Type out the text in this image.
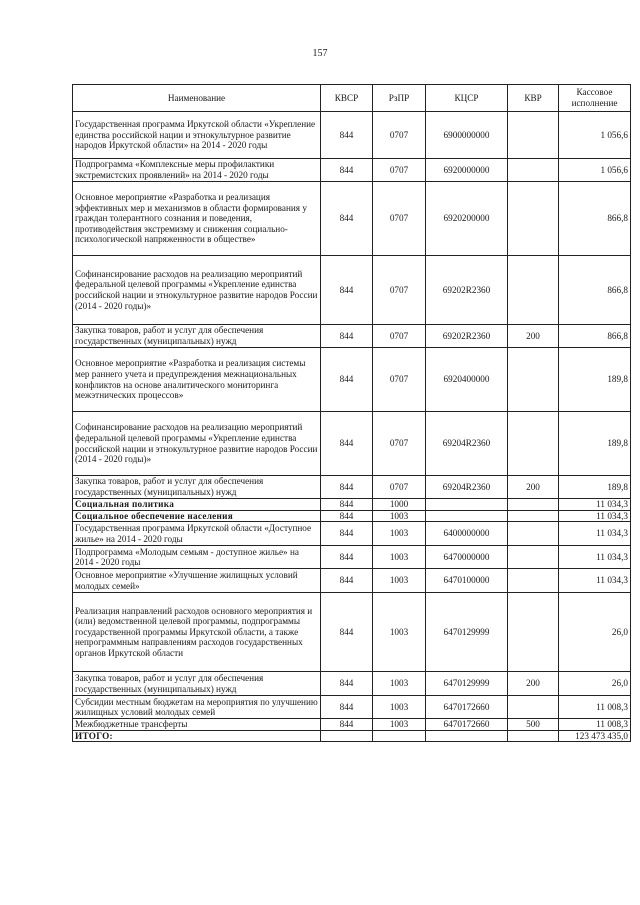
157
Наименование	КВСР	РзПР	КЦСР	КВР	Кассовое исполнение
Государственная программа Иркутской области «Укрепление единства российской нации и этнокультурное развитие народов Иркутской области» на 2014 - 2020 годы	844	0707	6900000000		1 056,6
Подпрограмма «Комплексные меры профилактики экстремистских проявлений» на 2014 - 2020 годы	844	0707	6920000000		1 056,6
Основное мероприятие «Разработка и реализация эффективных мер и механизмов в области формирования у граждан толерантного сознания и поведения, противодействия экстремизму и снижения социально-психологической напряженности в обществе»	844	0707	6920200000		866,8
Софинансирование расходов на реализацию мероприятий федеральной целевой программы «Укрепление единства российской нации и этнокультурное развитие народов России (2014 - 2020 годы)»	844	0707	69202R2360		866,8
Закупка товаров, работ и услуг для обеспечения государственных (муниципальных) нужд	844	0707	69202R2360	200	866,8
Основное мероприятие «Разработка и реализация системы мер раннего учета и предупреждения межнациональных конфликтов на основе аналитического мониторинга межэтнических процессов»	844	0707	6920400000		189,8
Софинансирование расходов на реализацию мероприятий федеральной целевой программы «Укрепление единства российской нации и этнокультурное развитие народов России (2014 - 2020 годы)»	844	0707	69204R2360		189,8
Закупка товаров, работ и услуг для обеспечения государственных (муниципальных) нужд	844	0707	69204R2360	200	189,8
Социальная политика	844	1000			11 034,3
Социальное обеспечение населения	844	1003			11 034,3
Государственная программа Иркутской области «Доступное жилье» на 2014 - 2020 годы	844	1003	6400000000		11 034,3
Подпрограмма «Молодым семьям - доступное жилье» на 2014 - 2020 годы	844	1003	6470000000		11 034,3
Основное мероприятие «Улучшение жилищных условий молодых семей»	844	1003	6470100000		11 034,3
Реализация направлений расходов основного мероприятия и (или) ведомственной целевой программы, подпрограммы государственной программы Иркутской области, а также непрограммным направлениям расходов государственных органов Иркутской области	844	1003	6470129999		26,0
Закупка товаров, работ и услуг для обеспечения государственных (муниципальных) нужд	844	1003	6470129999	200	26,0
Субсидии местным бюджетам на мероприятия по улучшению жилищных условий молодых семей	844	1003	6470172660		11 008,3
Межбюджетные трансферты	844	1003	6470172660	500	11 008,3
ИТОГО:					123 473 435,0
